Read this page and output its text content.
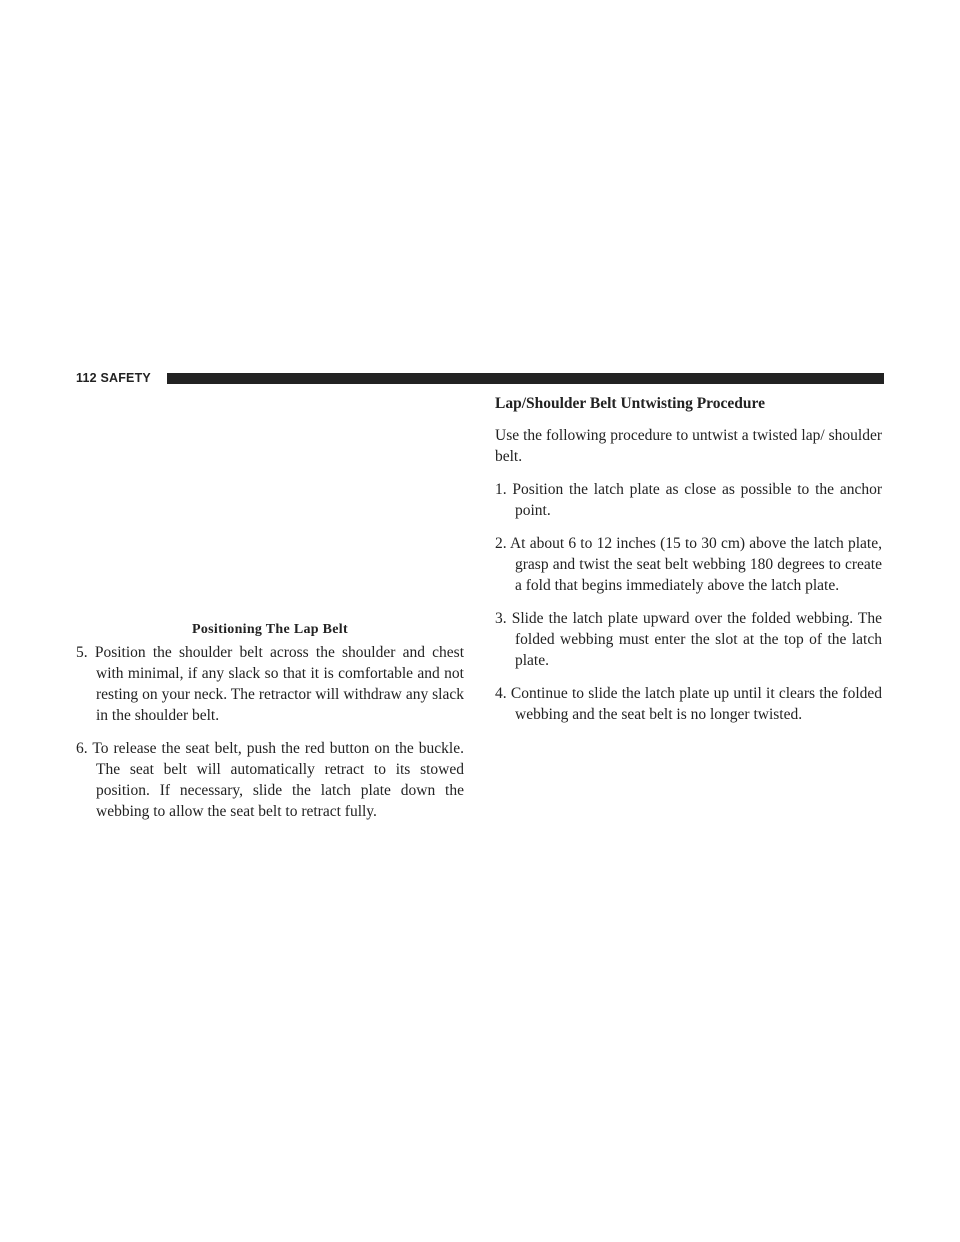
112 SAFETY
Positioning The Lap Belt
5. Position the shoulder belt across the shoulder and chest with minimal, if any slack so that it is comfortable and not resting on your neck. The retractor will withdraw any slack in the shoulder belt.
6. To release the seat belt, push the red button on the buckle. The seat belt will automatically retract to its stowed position. If necessary, slide the latch plate down the webbing to allow the seat belt to retract fully.
Lap/Shoulder Belt Untwisting Procedure
Use the following procedure to untwist a twisted lap/ shoulder belt.
1. Position the latch plate as close as possible to the anchor point.
2. At about 6 to 12 inches (15 to 30 cm) above the latch plate, grasp and twist the seat belt webbing 180 degrees to create a fold that begins immediately above the latch plate.
3. Slide the latch plate upward over the folded webbing. The folded webbing must enter the slot at the top of the latch plate.
4. Continue to slide the latch plate up until it clears the folded webbing and the seat belt is no longer twisted.
